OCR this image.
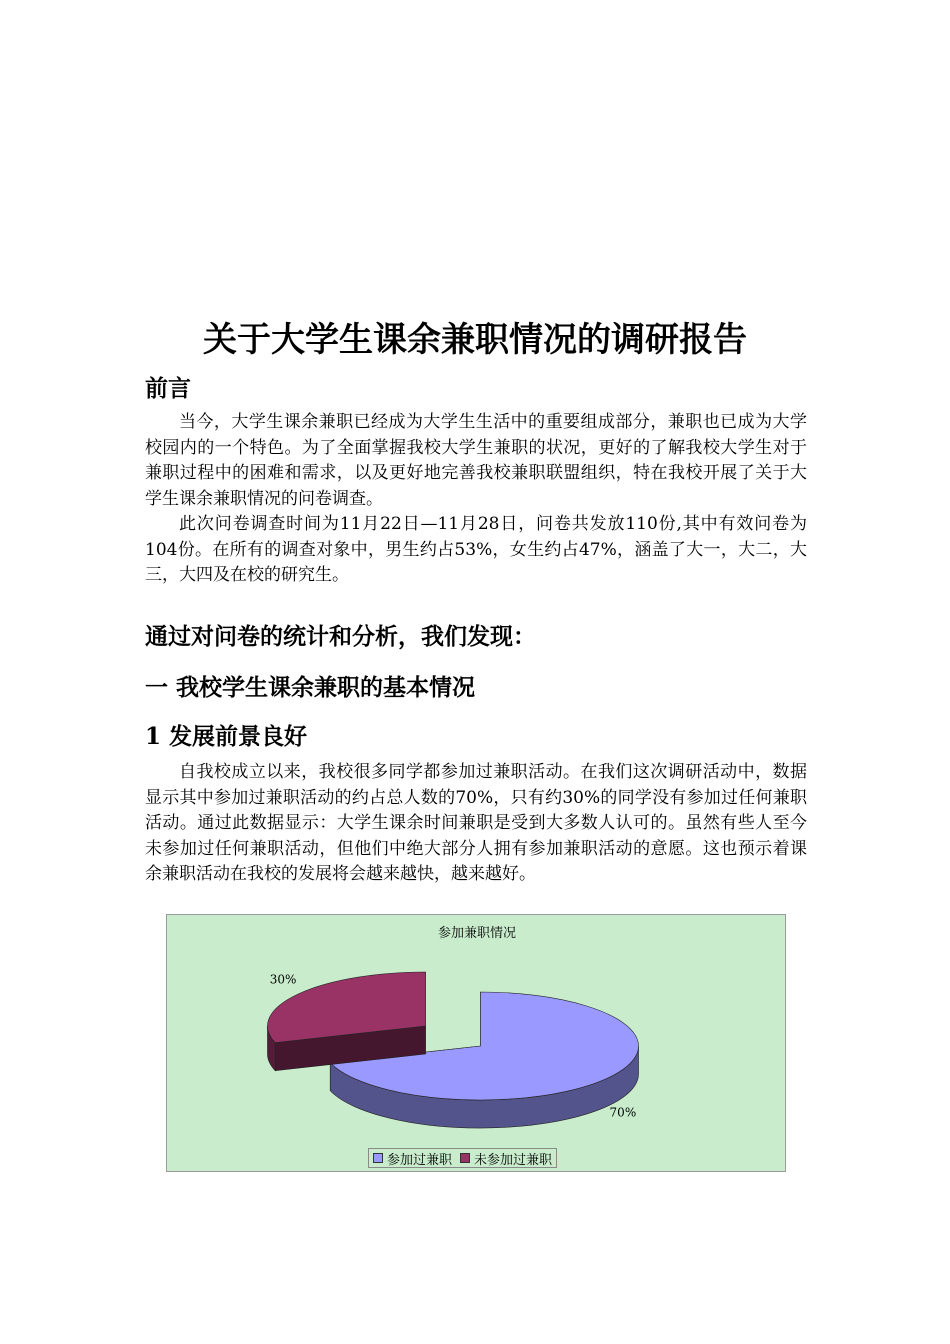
关于大学生课余兼职情况的调研报告
前言

当今，大学生课余兼职已经成为大学生生活中的重要组成部分，兼职也已成为大学校园内的一个特色。为了全面掌握我校大学生兼职的状况，更好的了解我校大学生对于兼职过程中的困难和需求，以及更好地完善我校兼职联盟组织，特在我校开展了关于大学生课余兼职情况的问卷调查。

此次问卷调查时间为11月22日—11月28日，问卷共发放110份,其中有效问卷为104份。在所有的调查对象中，男生约占53%，女生约占47%，涵盖了大一，大二，大三，大四及在校的研究生。

通过对问卷的统计和分析，我们发现：
一 我校学生课余兼职的基本情况
1 发展前景良好

自我校成立以来，我校很多同学都参加过兼职活动。在我们这次调研活动中，数据显示其中参加过兼职活动的约占总人数的70%，只有约30%的同学没有参加过任何兼职活动。通过此数据显示：大学生课余时间兼职是受到大多数人认可的。虽然有些人至今未参加过任何兼职活动，但他们中绝大部分人拥有参加兼职活动的意愿。这也预示着课余兼职活动在我校的发展将会越来越快，越来越好。

参加兼职情况
70%
30%
参加过兼职 未参加过兼职
